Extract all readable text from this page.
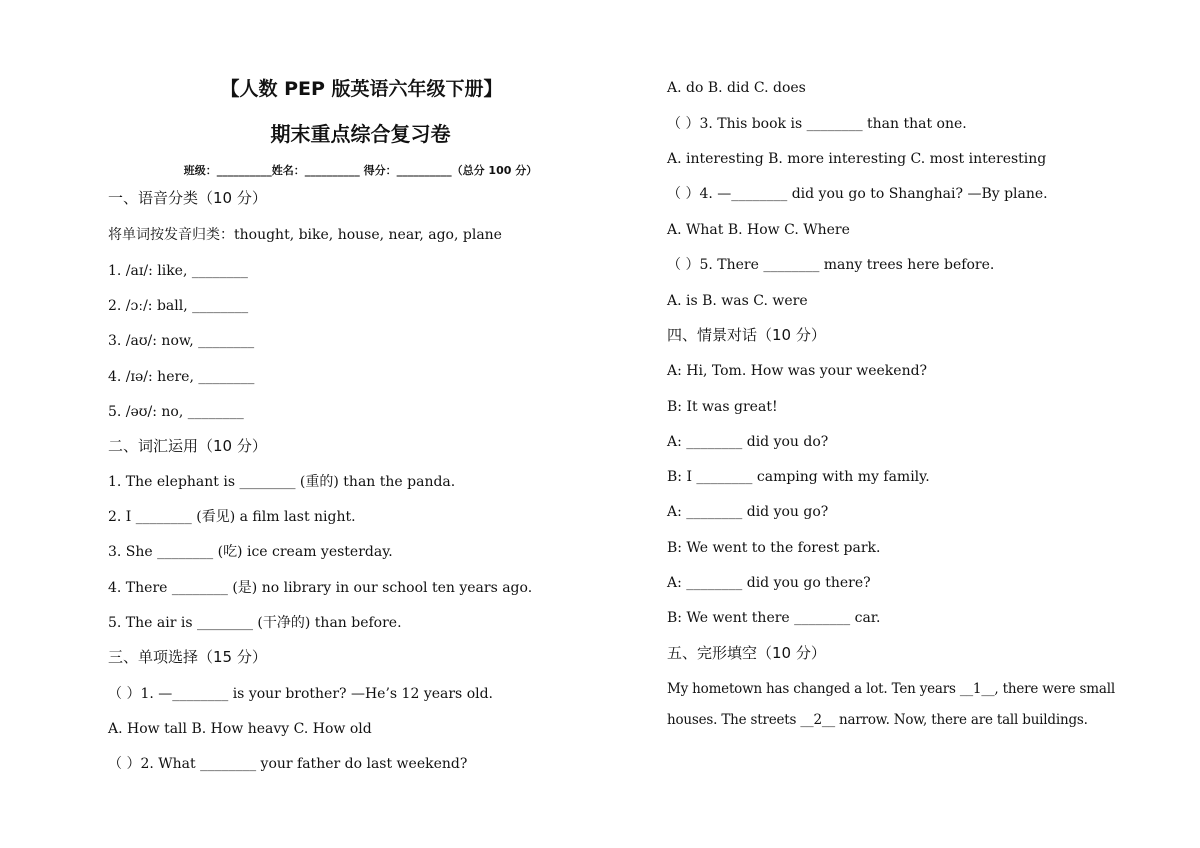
【人数 PEP 版英语六年级下册】
期末重点综合复习卷
班级：__________姓名：__________ 得分：__________（总分 100 分）
一、语音分类（10 分）
将单词按发音归类：thought, bike, house, near, ago, plane
1. /aɪ/: like, ________
2. /ɔː/: ball, ________
3. /aʊ/: now, ________
4. /ɪə/: here, ________
5. /əʊ/: no, ________
二、词汇运用（10 分）
1. The elephant is ________ (重的) than the panda.
2. I ________ (看见) a film last night.
3. She ________ (吃) ice cream yesterday.
4. There ________ (是) no library in our school ten years ago.
5. The air is ________ (干净的) than before.
三、单项选择（15 分）
（ ）1. —________ is your brother? —He’s 12 years old.
A. How tall B. How heavy C. How old
（ ）2. What ________ your father do last weekend?
A. do B. did C. does
（ ）3. This book is ________ than that one.
A. interesting B. more interesting C. most interesting
（ ）4. —________ did you go to Shanghai? —By plane.
A. What B. How C. Where
（ ）5. There ________ many trees here before.
A. is B. was C. were
四、情景对话（10 分）
A: Hi, Tom. How was your weekend?
B: It was great!
A: ________ did you do?
B: I ________ camping with my family.
A: ________ did you go?
B: We went to the forest park.
A: ________ did you go there?
B: We went there ________ car.
五、完形填空（10 分）
My hometown has changed a lot. Ten years __1__, there were small
houses. The streets __2__ narrow. Now, there are tall buildings.
